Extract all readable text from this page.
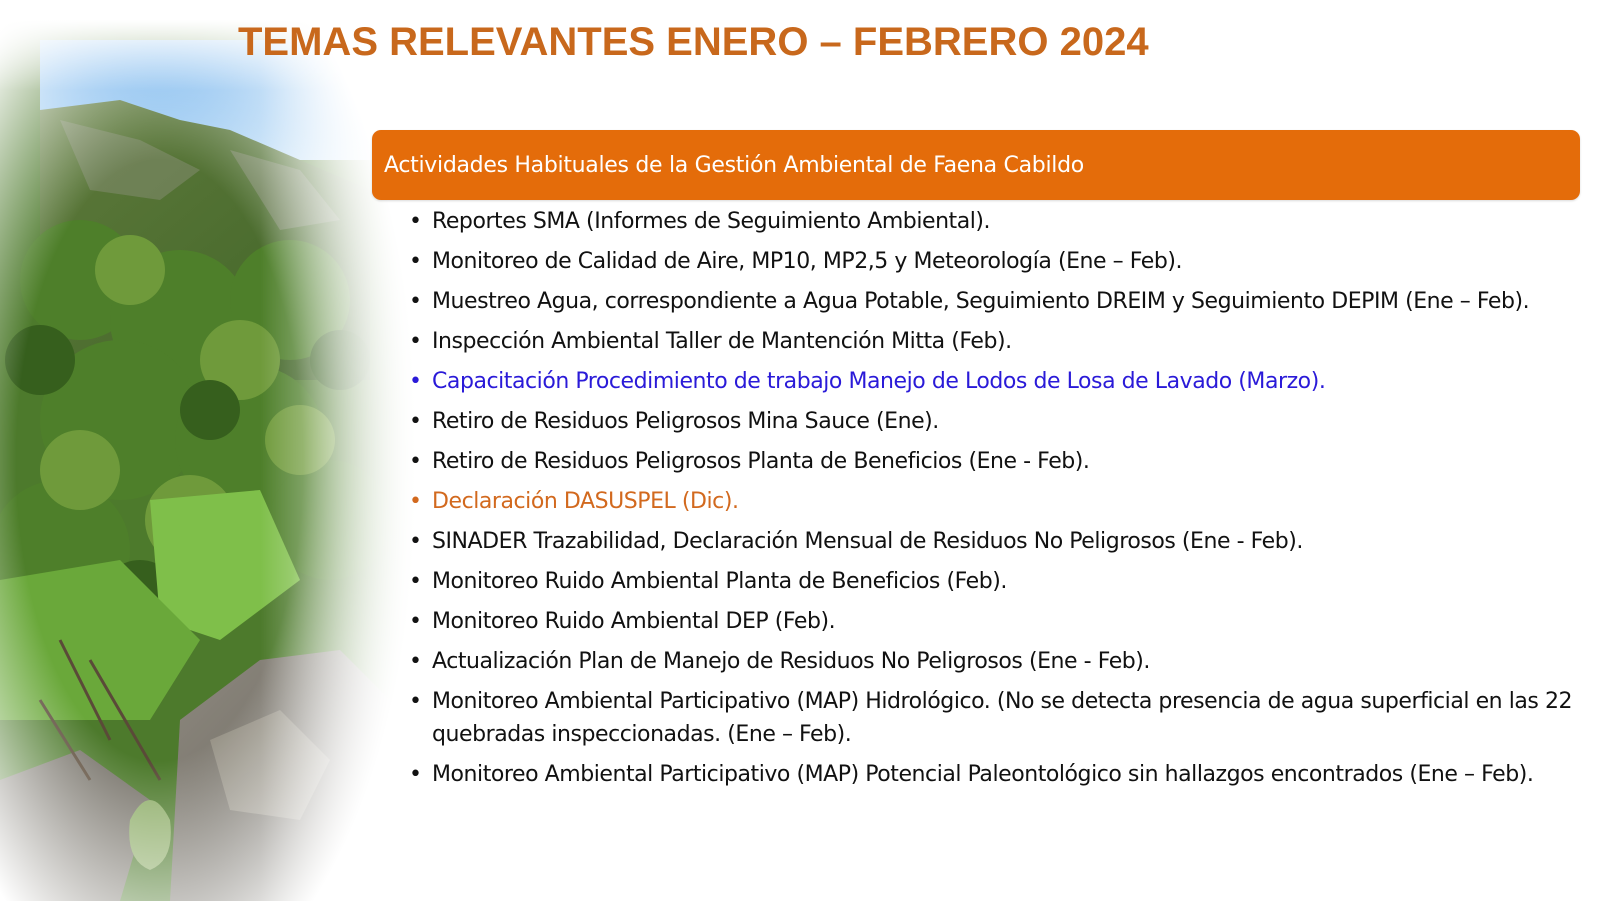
TEMAS RELEVANTES ENERO – FEBRERO 2024
Actividades Habituales de la Gestión Ambiental de Faena Cabildo
• Reportes SMA (Informes de Seguimiento Ambiental).
• Monitoreo de Calidad de Aire, MP10, MP2,5 y Meteorología (Ene – Feb).
• Muestreo Agua, correspondiente a Agua Potable, Seguimiento DREIM y Seguimiento DEPIM (Ene – Feb).
• Inspección Ambiental Taller de Mantención Mitta (Feb).
• Capacitación Procedimiento de trabajo Manejo de Lodos de Losa de Lavado (Marzo).
• Retiro de Residuos Peligrosos Mina Sauce (Ene).
• Retiro de Residuos Peligrosos Planta de Beneficios (Ene - Feb).
• Declaración DASUSPEL (Dic).
• SINADER Trazabilidad, Declaración Mensual de Residuos No Peligrosos (Ene - Feb).
• Monitoreo Ruido Ambiental Planta de Beneficios (Feb).
• Monitoreo Ruido Ambiental DEP (Feb).
• Actualización Plan de Manejo de Residuos No Peligrosos (Ene - Feb).
• Monitoreo Ambiental Participativo (MAP) Hidrológico. (No se detecta presencia de agua superficial en las 22 quebradas inspeccionadas. (Ene – Feb).
• Monitoreo Ambiental Participativo (MAP) Potencial Paleontológico sin hallazgos encontrados (Ene – Feb).
